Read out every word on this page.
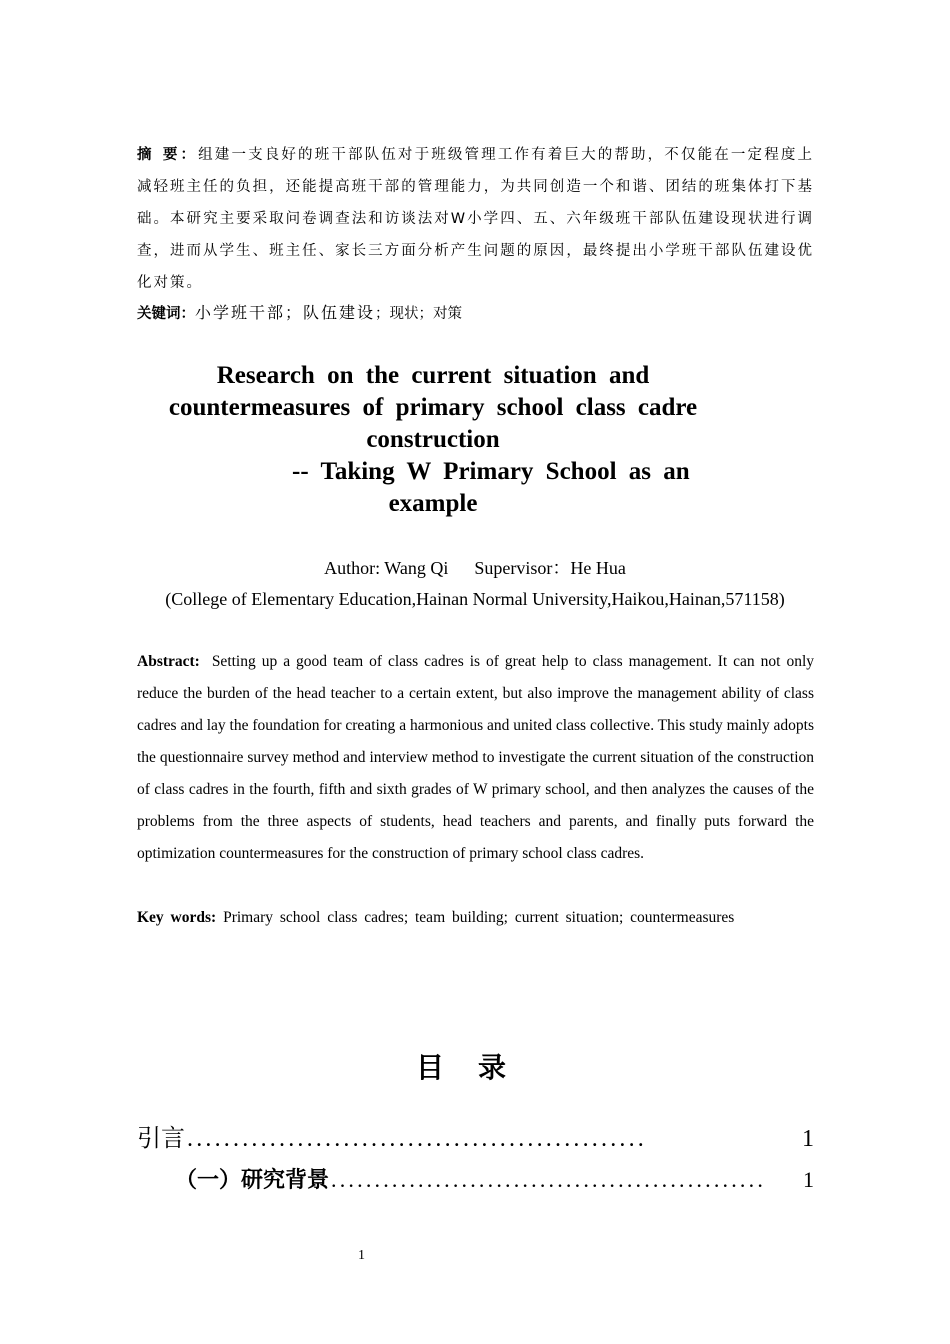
摘 要：组建一支良好的班干部队伍对于班级管理工作有着巨大的帮助，不仅能在一定程度上减轻班主任的负担，还能提高班干部的管理能力，为共同创造一个和谐、团结的班集体打下基础。本研究主要采取问卷调查法和访谈法对W小学四、五、六年级班干部队伍建设现状进行调查，进而从学生、班主任、家长三方面分析产生问题的原因，最终提出小学班干部队伍建设优化对策。
关键词：小学班干部；队伍建设；现状；对策
Research on the current situation and
countermeasures of primary school class cadre
construction
-- Taking W Primary School as an
example
Author: Wang Qi Supervisor：He Hua
(College of Elementary Education,Hainan Normal University,Haikou,Hainan,571158)
Abstract: Setting up a good team of class cadres is of great help to class management. It can not only reduce the burden of the head teacher to a certain extent, but also improve the management ability of class cadres and lay the foundation for creating a harmonious and united class collective. This study mainly adopts the questionnaire survey method and interview method to investigate the current situation of the construction of class cadres in the fourth, fifth and sixth grades of W primary school, and then analyzes the causes of the problems from the three aspects of students, head teachers and parents, and finally puts forward the optimization countermeasures for the construction of primary school class cadres.
Key words: Primary school class cadres; team building; current situation; countermeasures
目录
引言 ..................................................	1
（一）研究背景 ..................................................	1
1
